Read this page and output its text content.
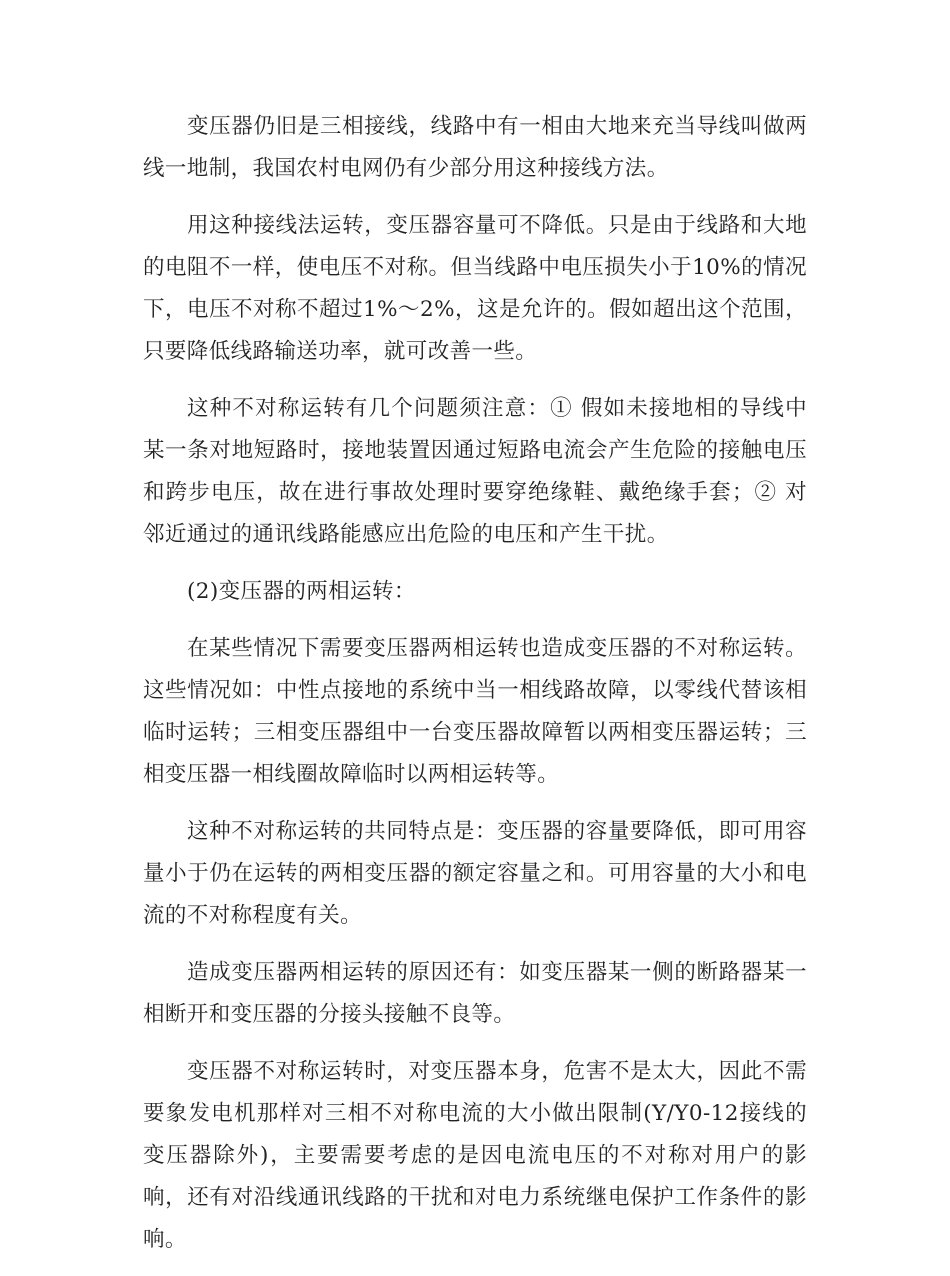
变压器仍旧是三相接线，线路中有一相由大地来充当导线叫做两线一地制，我国农村电网仍有少部分用这种接线方法。

用这种接线法运转，变压器容量可不降低。只是由于线路和大地的电阻不一样，使电压不对称。但当线路中电压损失小于10%的情况下，电压不对称不超过1%～2%，这是允许的。假如超出这个范围，只要降低线路输送功率，就可改善一些。

这种不对称运转有几个问题须注意：① 假如未接地相的导线中某一条对地短路时，接地装置因通过短路电流会产生危险的接触电压和跨步电压，故在进行事故处理时要穿绝缘鞋、戴绝缘手套；② 对邻近通过的通讯线路能感应出危险的电压和产生干扰。

(2)变压器的两相运转：

在某些情况下需要变压器两相运转也造成变压器的不对称运转。这些情况如：中性点接地的系统中当一相线路故障，以零线代替该相临时运转；三相变压器组中一台变压器故障暂以两相变压器运转；三相变压器一相线圈故障临时以两相运转等。

这种不对称运转的共同特点是：变压器的容量要降低，即可用容量小于仍在运转的两相变压器的额定容量之和。可用容量的大小和电流的不对称程度有关。

造成变压器两相运转的原因还有：如变压器某一侧的断路器某一相断开和变压器的分接头接触不良等。

变压器不对称运转时，对变压器本身，危害不是太大，因此不需要象发电机那样对三相不对称电流的大小做出限制(Y/Y0-12接线的变压器除外)，主要需要考虑的是因电流电压的不对称对用户的影响，还有对沿线通讯线路的干扰和对电力系统继电保护工作条件的影响。
